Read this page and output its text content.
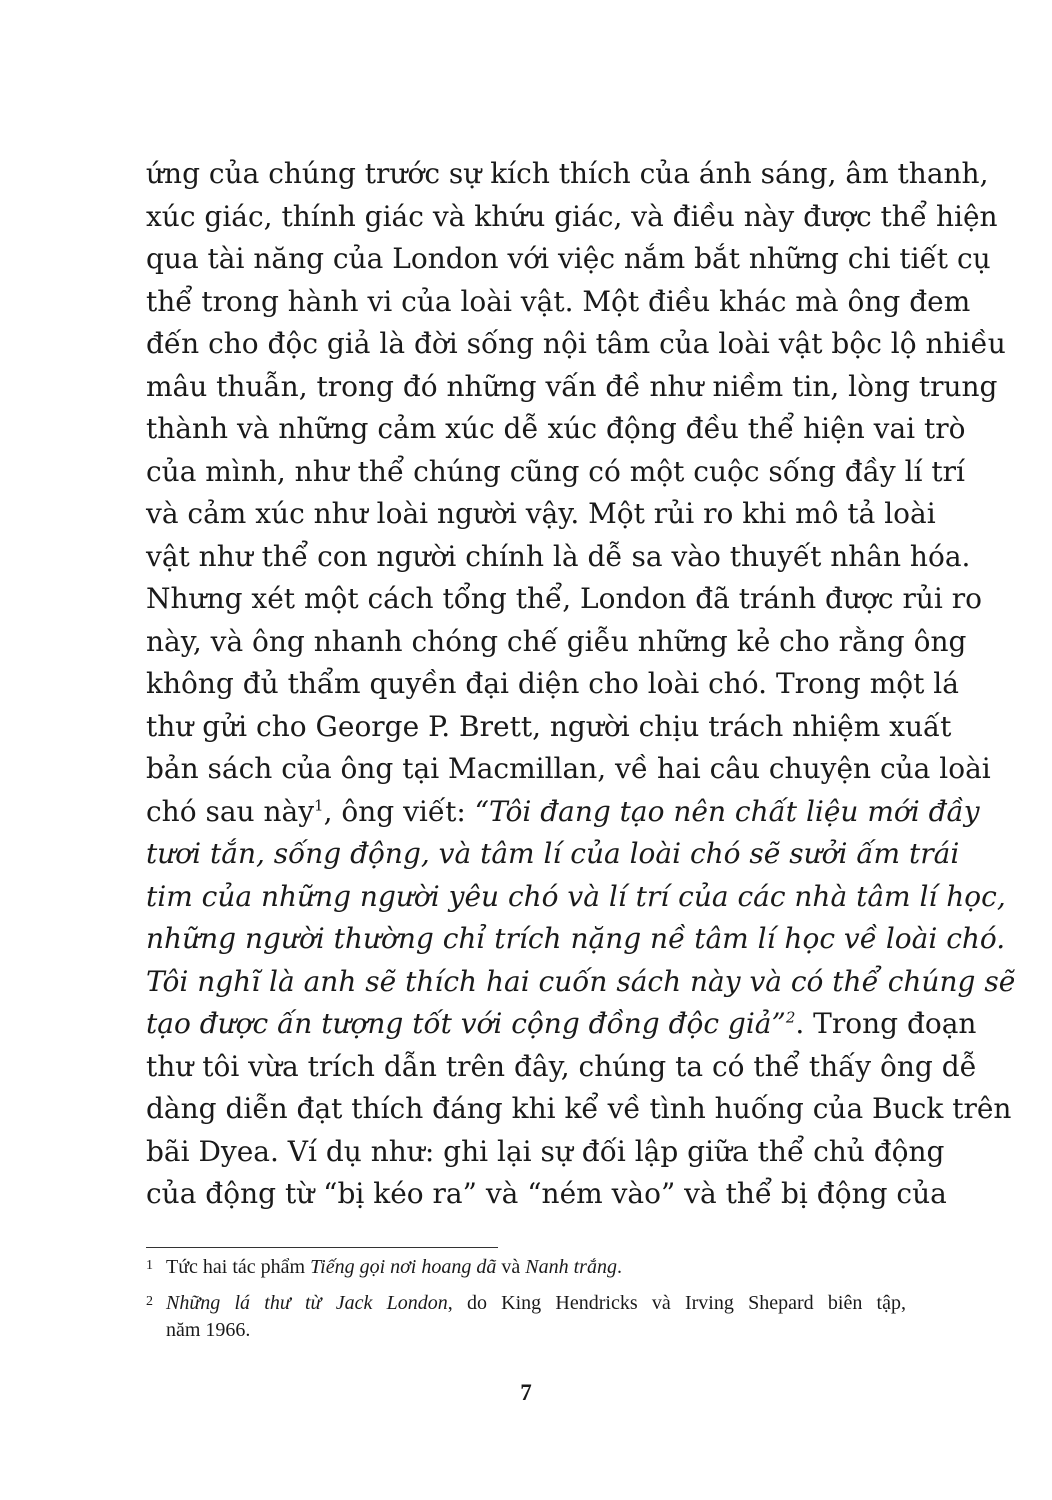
ứng của chúng trước sự kích thích của ánh sáng, âm thanh,
xúc giác, thính giác và khứu giác, và điều này được thể hiện
qua tài năng của London với việc nắm bắt những chi tiết cụ
thể trong hành vi của loài vật. Một điều khác mà ông đem
đến cho độc giả là đời sống nội tâm của loài vật bộc lộ nhiều
mâu thuẫn, trong đó những vấn đề như niềm tin, lòng trung
thành và những cảm xúc dễ xúc động đều thể hiện vai trò
của mình, như thể chúng cũng có một cuộc sống đầy lí trí
và cảm xúc như loài người vậy. Một rủi ro khi mô tả loài
vật như thể con người chính là dễ sa vào thuyết nhân hóa.
Nhưng xét một cách tổng thể, London đã tránh được rủi ro
này, và ông nhanh chóng chế giễu những kẻ cho rằng ông
không đủ thẩm quyền đại diện cho loài chó. Trong một lá
thư gửi cho George P. Brett, người chịu trách nhiệm xuất
bản sách của ông tại Macmillan, về hai câu chuyện của loài
chó sau này$^1$, ông viết: “Tôi đang tạo nên chất liệu mới đầy
tươi tắn, sống động, và tâm lí của loài chó sẽ sưởi ấm trái
tim của những người yêu chó và lí trí của các nhà tâm lí học,
những người thường chỉ trích nặng nề tâm lí học về loài chó.
Tôi nghĩ là anh sẽ thích hai cuốn sách này và có thể chúng sẽ
tạo được ấn tượng tốt với cộng đồng độc giả”$^2$. Trong đoạn
thư tôi vừa trích dẫn trên đây, chúng ta có thể thấy ông dễ
dàng diễn đạt thích đáng khi kể về tình huống của Buck trên
bãi Dyea. Ví dụ như: ghi lại sự đối lập giữa thể chủ động
của động từ “bị kéo ra” và “ném vào” và thể bị động của
1 Tức hai tác phẩm Tiếng gọi nơi hoang dã và Nanh trắng.
2 Những lá thư từ Jack London, do King Hendricks và Irving Shepard biên tập,
năm 1966.
7
